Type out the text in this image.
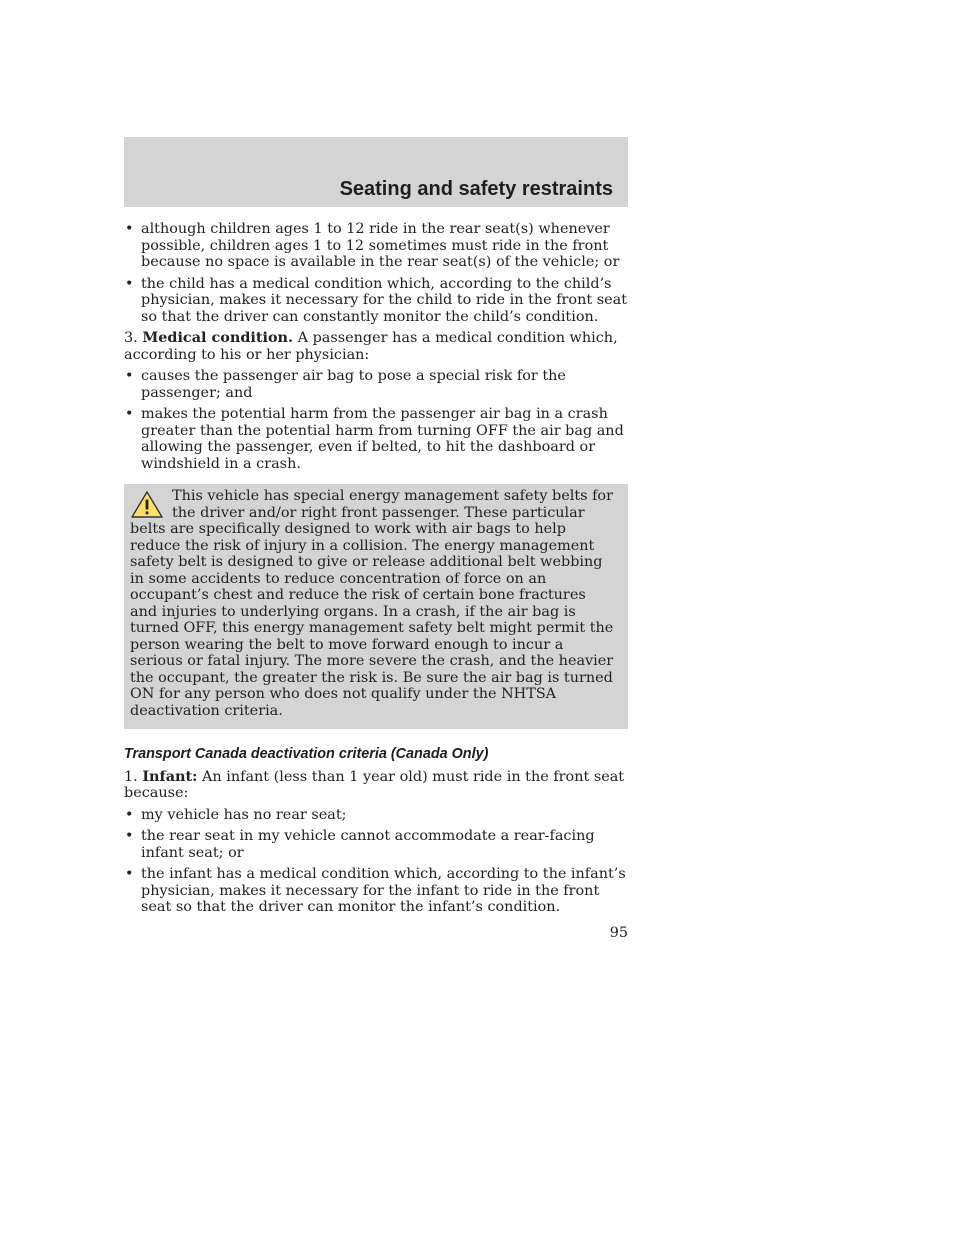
Seating and safety restraints
• although children ages 1 to 12 ride in the rear seat(s) whenever possible, children ages 1 to 12 sometimes must ride in the front because no space is available in the rear seat(s) of the vehicle; or
• the child has a medical condition which, according to the child’s physician, makes it necessary for the child to ride in the front seat so that the driver can constantly monitor the child’s condition.

3. Medical condition. A passenger has a medical condition which, according to his or her physician:

• causes the passenger air bag to pose a special risk for the passenger; and
• makes the potential harm from the passenger air bag in a crash greater than the potential harm from turning OFF the air bag and allowing the passenger, even if belted, to hit the dashboard or windshield in a crash.

This vehicle has special energy management safety belts for the driver and/or right front passenger. These particular belts are specifically designed to work with air bags to help reduce the risk of injury in a collision. The energy management safety belt is designed to give or release additional belt webbing in some accidents to reduce concentration of force on an occupant’s chest and reduce the risk of certain bone fractures and injuries to underlying organs. In a crash, if the air bag is turned OFF, this energy management safety belt might permit the person wearing the belt to move forward enough to incur a serious or fatal injury. The more severe the crash, and the heavier the occupant, the greater the risk is. Be sure the air bag is turned ON for any person who does not qualify under the NHTSA deactivation criteria.

Transport Canada deactivation criteria (Canada Only)

1. Infant: An infant (less than 1 year old) must ride in the front seat because:

• my vehicle has no rear seat;
• the rear seat in my vehicle cannot accommodate a rear-facing infant seat; or
• the infant has a medical condition which, according to the infant’s physician, makes it necessary for the infant to ride in the front seat so that the driver can monitor the infant’s condition.
95
